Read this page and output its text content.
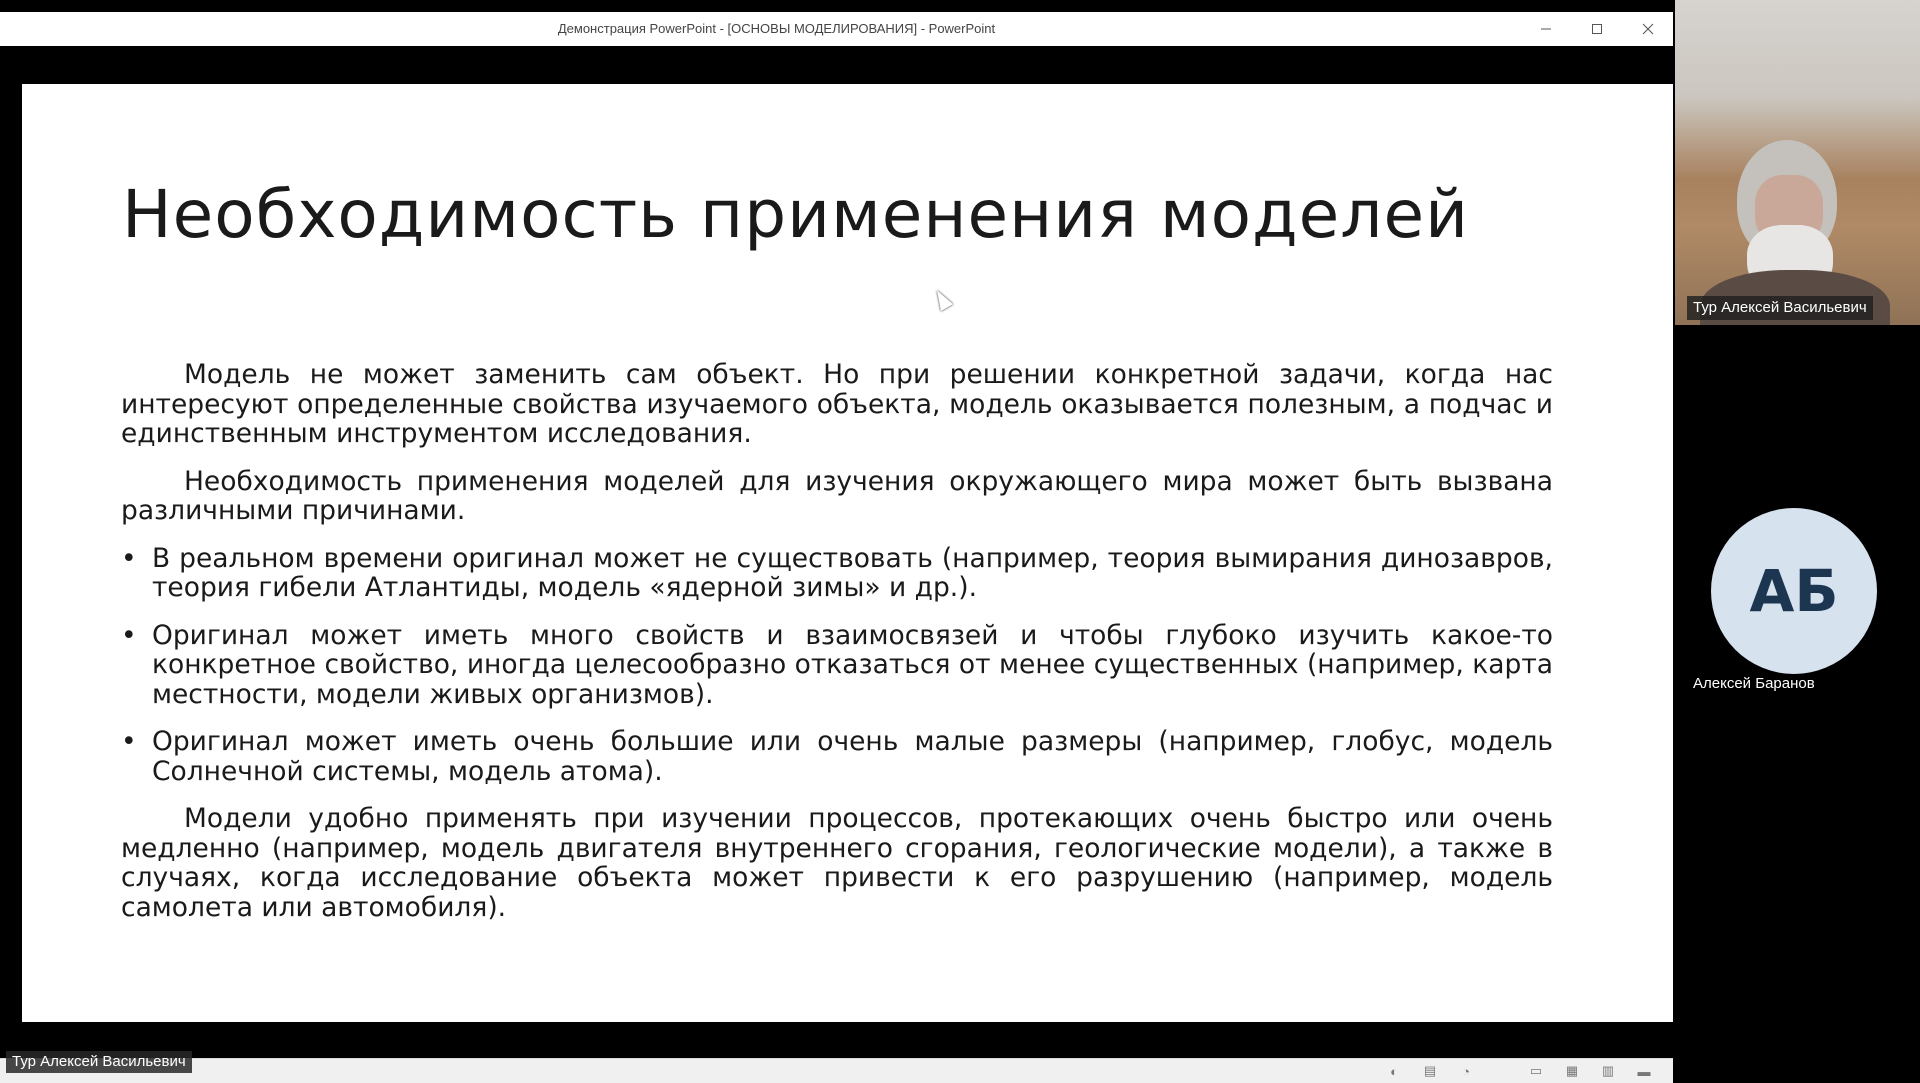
Демонстрация PowerPoint - [ОСНОВЫ МОДЕЛИРОВАНИЯ] - PowerPoint
Необходимость применения моделей

Модель не может заменить сам объект. Но при решении конкретной задачи, когда нас интересуют определенные свойства изучаемого объекта, модель оказывается полезным, а подчас и единственным инструментом исследования.

Необходимость применения моделей для изучения окружающего мира может быть вызвана различными причинами.

• В реальном времени оригинал может не существовать (например, теория вымирания динозавров, теория гибели Атлантиды, модель «ядерной зимы» и др.).
• Оригинал может иметь много свойств и взаимосвязей и чтобы глубоко изучить какое-то конкретное свойство, иногда целесообразно отказаться от менее существенных (например, карта местности, модели живых организмов).
• Оригинал может иметь очень большие или очень малые размеры (например, глобус, модель Солнечной системы, модель атома).

Модели удобно применять при изучении процессов, протекающих очень быстро или очень медленно (например, модель двигателя внутреннего сгорания, геологические модели), а также в случаях, когда исследование объекта может привести к его разрушению (например, модель самолета или автомобиля).

◐	▤	◔	▭	▦	▥	▬
Тур Алексей Васильевич
Тур Алексей Васильевич
АБ
Алексей Баранов
